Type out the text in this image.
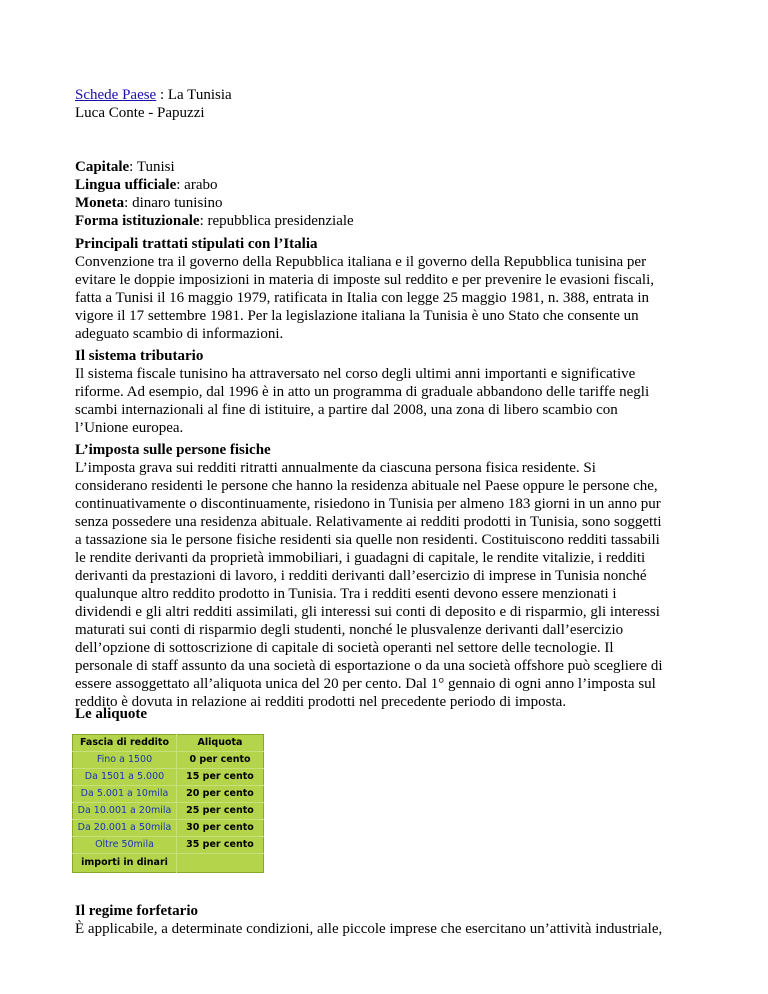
Schede Paese : La Tunisia
Luca Conte - Papuzzi
Capitale: Tunisi
Lingua ufficiale: arabo
Moneta: dinaro tunisino
Forma istituzionale: repubblica presidenziale
Principali trattati stipulati con l’Italia
Convenzione tra il governo della Repubblica italiana e il governo della Repubblica tunisina per
evitare le doppie imposizioni in materia di imposte sul reddito e per prevenire le evasioni fiscali,
fatta a Tunisi il 16 maggio 1979, ratificata in Italia con legge 25 maggio 1981, n. 388, entrata in
vigore il 17 settembre 1981. Per la legislazione italiana la Tunisia è uno Stato che consente un
adeguato scambio di informazioni.
Il sistema tributario
Il sistema fiscale tunisino ha attraversato nel corso degli ultimi anni importanti e significative
riforme. Ad esempio, dal 1996 è in atto un programma di graduale abbandono delle tariffe negli
scambi internazionali al fine di istituire, a partire dal 2008, una zona di libero scambio con
l’Unione europea.
L’imposta sulle persone fisiche
L’imposta grava sui redditi ritratti annualmente da ciascuna persona fisica residente. Si
considerano residenti le persone che hanno la residenza abituale nel Paese oppure le persone che,
continuativamente o discontinuamente, risiedono in Tunisia per almeno 183 giorni in un anno pur
senza possedere una residenza abituale. Relativamente ai redditi prodotti in Tunisia, sono soggetti
a tassazione sia le persone fisiche residenti sia quelle non residenti. Costituiscono redditi tassabili
le rendite derivanti da proprietà immobiliari, i guadagni di capitale, le rendite vitalizie, i redditi
derivanti da prestazioni di lavoro, i redditi derivanti dall’esercizio di imprese in Tunisia nonché
qualunque altro reddito prodotto in Tunisia. Tra i redditi esenti devono essere menzionati i
dividendi e gli altri redditi assimilati, gli interessi sui conti di deposito e di risparmio, gli interessi
maturati sui conti di risparmio degli studenti, nonché le plusvalenze derivanti dall’esercizio
dell’opzione di sottoscrizione di capitale di società operanti nel settore delle tecnologie. Il
personale di staff assunto da una società di esportazione o da una società offshore può scegliere di
essere assoggettato all’aliquota unica del 20 per cento. Dal 1° gennaio di ogni anno l’imposta sul
reddito è dovuta in relazione ai redditi prodotti nel precedente periodo di imposta.
Le aliquote
Fascia di reddito	Aliquota
Fino a 1500	0 per cento
Da 1501 a 5.000	15 per cento
Da 5.001 a 10mila	20 per cento
Da 10.001 a 20mila	25 per cento
Da 20.001 a 50mila	30 per cento
Oltre 50mila	35 per cento
importi in dinari	
Il regime forfetario
È applicabile, a determinate condizioni, alle piccole imprese che esercitano un’attività industriale,
